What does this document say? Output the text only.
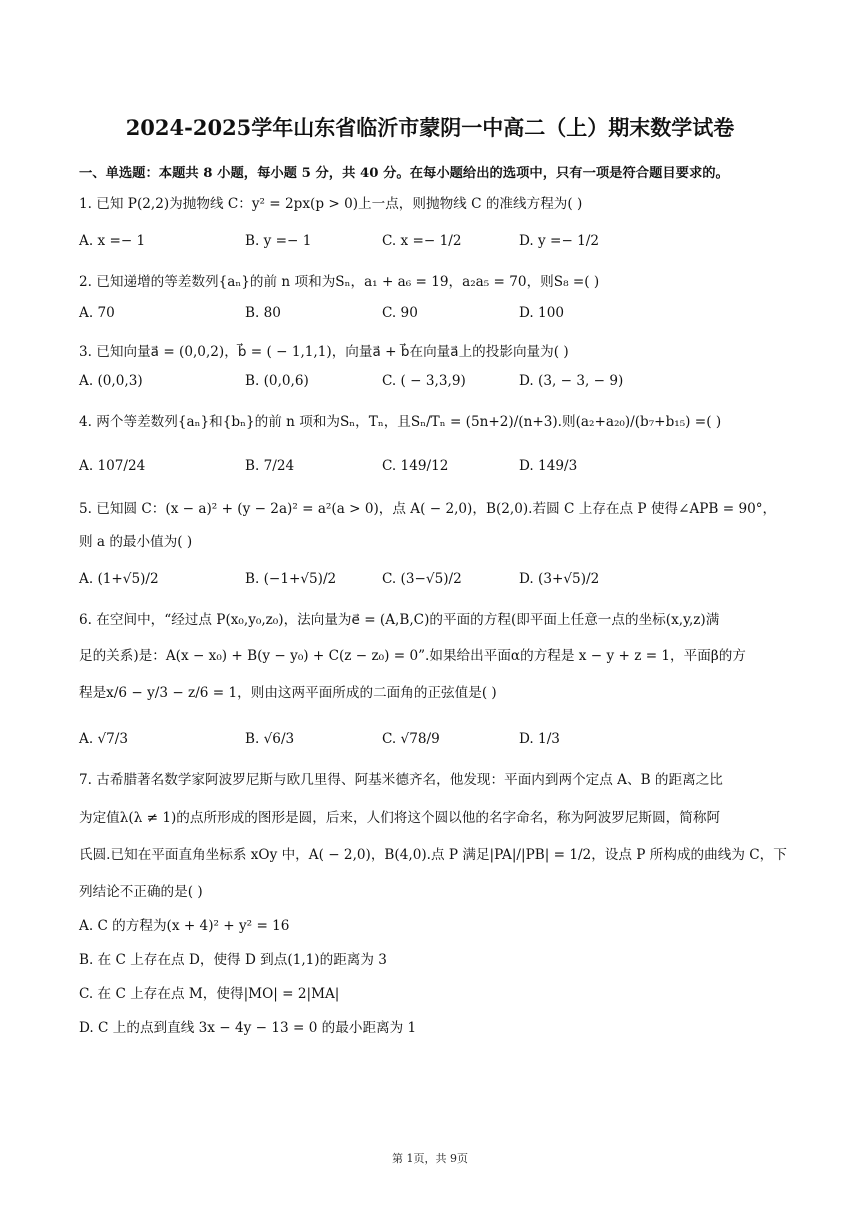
2024-2025学年山东省临沂市蒙阴一中高二（上）期末数学试卷
一、单选题：本题共 8 小题，每小题 5 分，共 40 分。在每小题给出的选项中，只有一项是符合题目要求的。
1. 已知 P(2,2)为抛物线 C：y² = 2px(p > 0)上一点，则抛物线 C 的准线方程为( )
A. x =− 1	B. y =− 1	C. x =− 1/2	D. y =− 1/2
2. 已知递增的等差数列{aₙ}的前 n 项和为Sₙ，a₁ + a₆ = 19，a₂a₅ = 70，则S₈ =( )
A. 70	B. 80	C. 90	D. 100
3. 已知向量a⃗ = (0,0,2)，b⃗ = ( − 1,1,1)，向量a⃗ + b⃗在向量a⃗上的投影向量为( )
A. (0,0,3)	B. (0,0,6)	C. ( − 3,3,9)	D. (3, − 3, − 9)
4. 两个等差数列{aₙ}和{bₙ}的前 n 项和为Sₙ，Tₙ，且Sₙ/Tₙ = (5n+2)/(n+3).则(a₂+a₂₀)/(b₇+b₁₅) =( )
A. 107/24	B. 7/24	C. 149/12	D. 149/3
5. 已知圆 C：(x − a)² + (y − 2a)² = a²(a > 0)，点 A( − 2,0)，B(2,0).若圆 C 上存在点 P 使得∠APB = 90°，
则 a 的最小值为( )
A. (1+√5)/2	B. (−1+√5)/2	C. (3−√5)/2	D. (3+√5)/2
6. 在空间中，“经过点 P(x₀,y₀,z₀)，法向量为e⃗ = (A,B,C)的平面的方程(即平面上任意一点的坐标(x,y,z)满
足的关系)是：A(x − x₀) + B(y − y₀) + C(z − z₀) = 0”.如果给出平面α的方程是 x − y + z = 1，平面β的方
程是x/6 − y/3 − z/6 = 1，则由这两平面所成的二面角的正弦值是( )
A. √7/3	B. √6/3	C. √78/9	D. 1/3
7. 古希腊著名数学家阿波罗尼斯与欧几里得、阿基米德齐名，他发现：平面内到两个定点 A、B 的距离之比
为定值λ(λ ≠ 1)的点所形成的图形是圆，后来，人们将这个圆以他的名字命名，称为阿波罗尼斯圆，简称阿
氏圆.已知在平面直角坐标系 xOy 中，A( − 2,0)，B(4,0).点 P 满足|PA|/|PB| = 1/2，设点 P 所构成的曲线为 C，下
列结论不正确的是( )
A. C 的方程为(x + 4)² + y² = 16
B. 在 C 上存在点 D，使得 D 到点(1,1)的距离为 3
C. 在 C 上存在点 M，使得|MO| = 2|MA|
D. C 上的点到直线 3x − 4y − 13 = 0 的最小距离为 1
第 1页，共 9页
